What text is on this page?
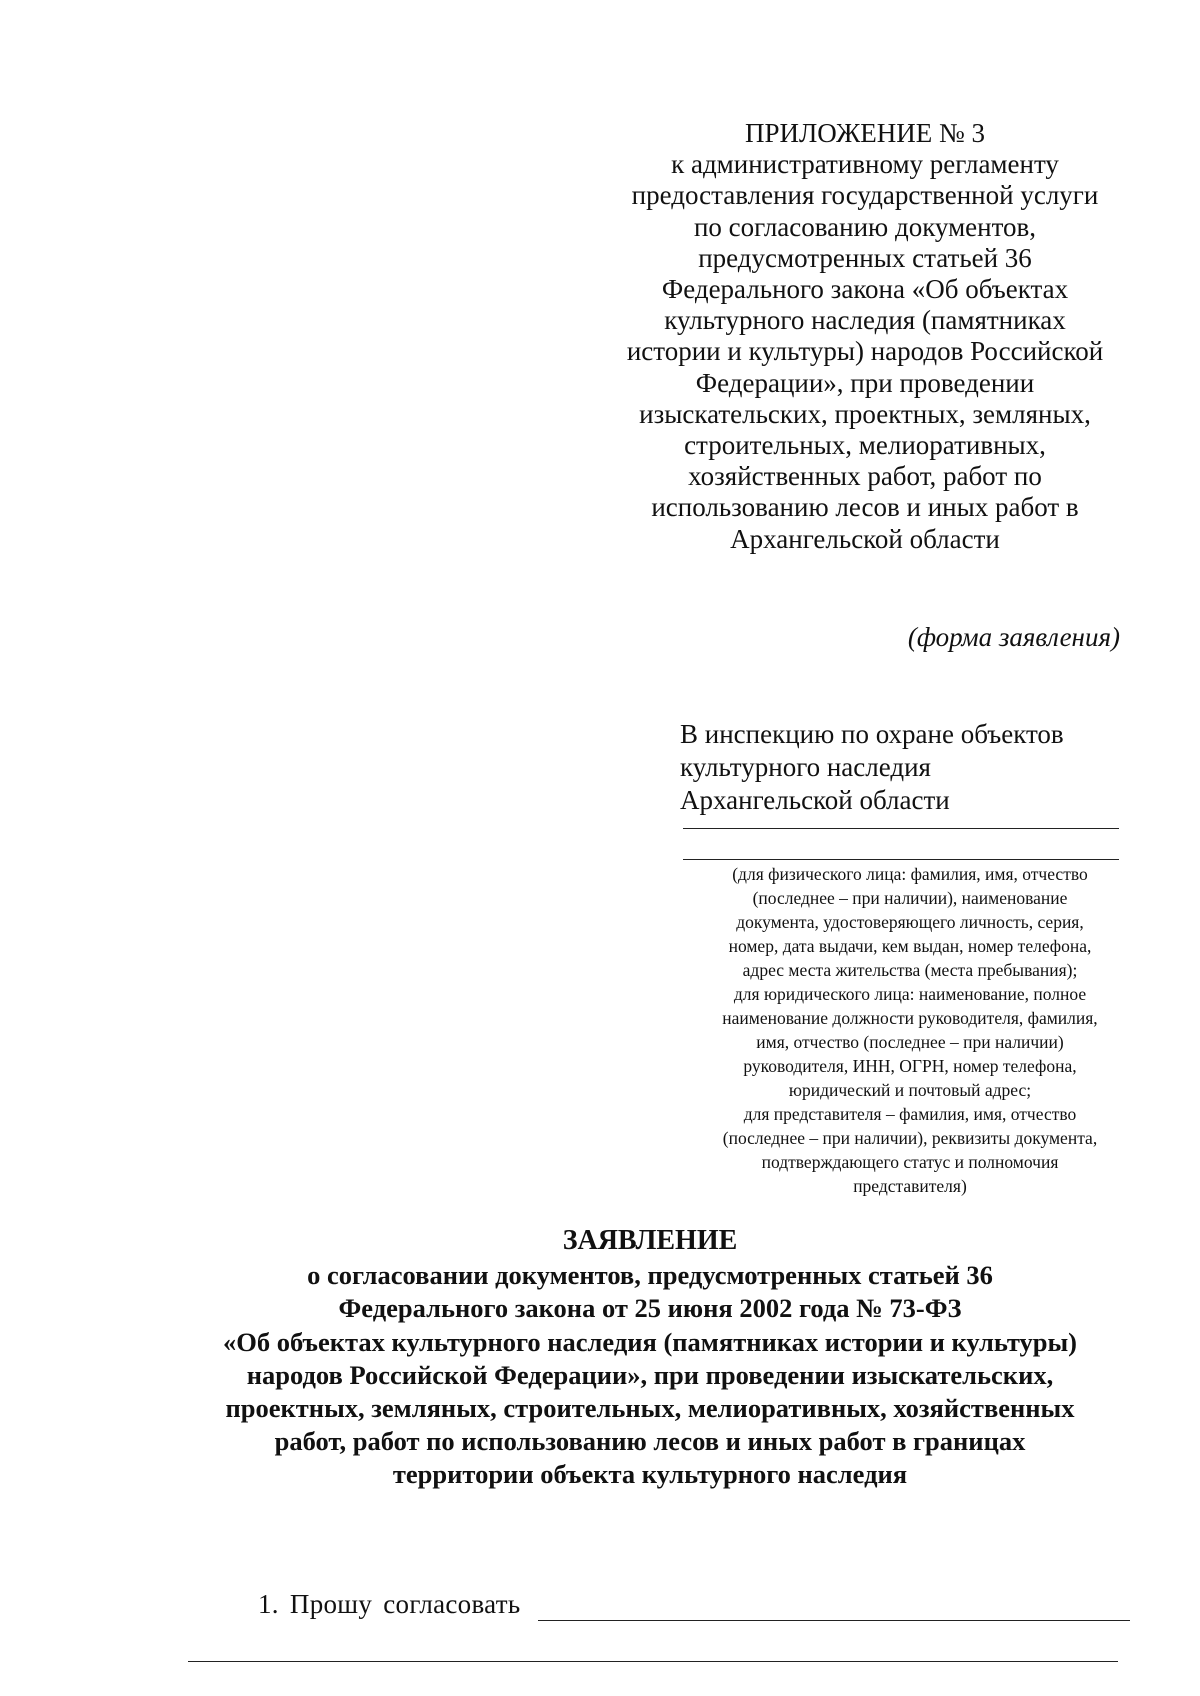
ПРИЛОЖЕНИЕ № 3
к административному регламенту
предоставления государственной услуги
по согласованию документов,
предусмотренных статьей 36
Федерального закона «Об объектах
культурного наследия (памятниках
истории и культуры) народов Российской
Федерации», при проведении
изыскательских, проектных, земляных,
строительных, мелиоративных,
хозяйственных работ, работ по
использованию лесов и иных работ в
Архангельской области
(форма заявления)
В инспекцию по охране объектов
культурного наследия
Архангельской области
(для физического лица: фамилия, имя, отчество
(последнее – при наличии), наименование
документа, удостоверяющего личность, серия,
номер, дата выдачи, кем выдан, номер телефона,
адрес места жительства (места пребывания);
для юридического лица: наименование, полное
наименование должности руководителя, фамилия,
имя, отчество (последнее – при наличии)
руководителя, ИНН, ОГРН, номер телефона,
юридический и почтовый адрес;
для представителя – фамилия, имя, отчество
(последнее – при наличии), реквизиты документа,
подтверждающего статус и полномочия
представителя)
ЗАЯВЛЕНИЕ
о согласовании документов, предусмотренных статьей 36
Федерального закона от 25 июня 2002 года № 73-ФЗ
«Об объектах культурного наследия (памятниках истории и культуры)
народов Российской Федерации», при проведении изыскательских,
проектных, земляных, строительных, мелиоративных, хозяйственных
работ, работ по использованию лесов и иных работ в границах
территории объекта культурного наследия
1. Прошу согласовать
